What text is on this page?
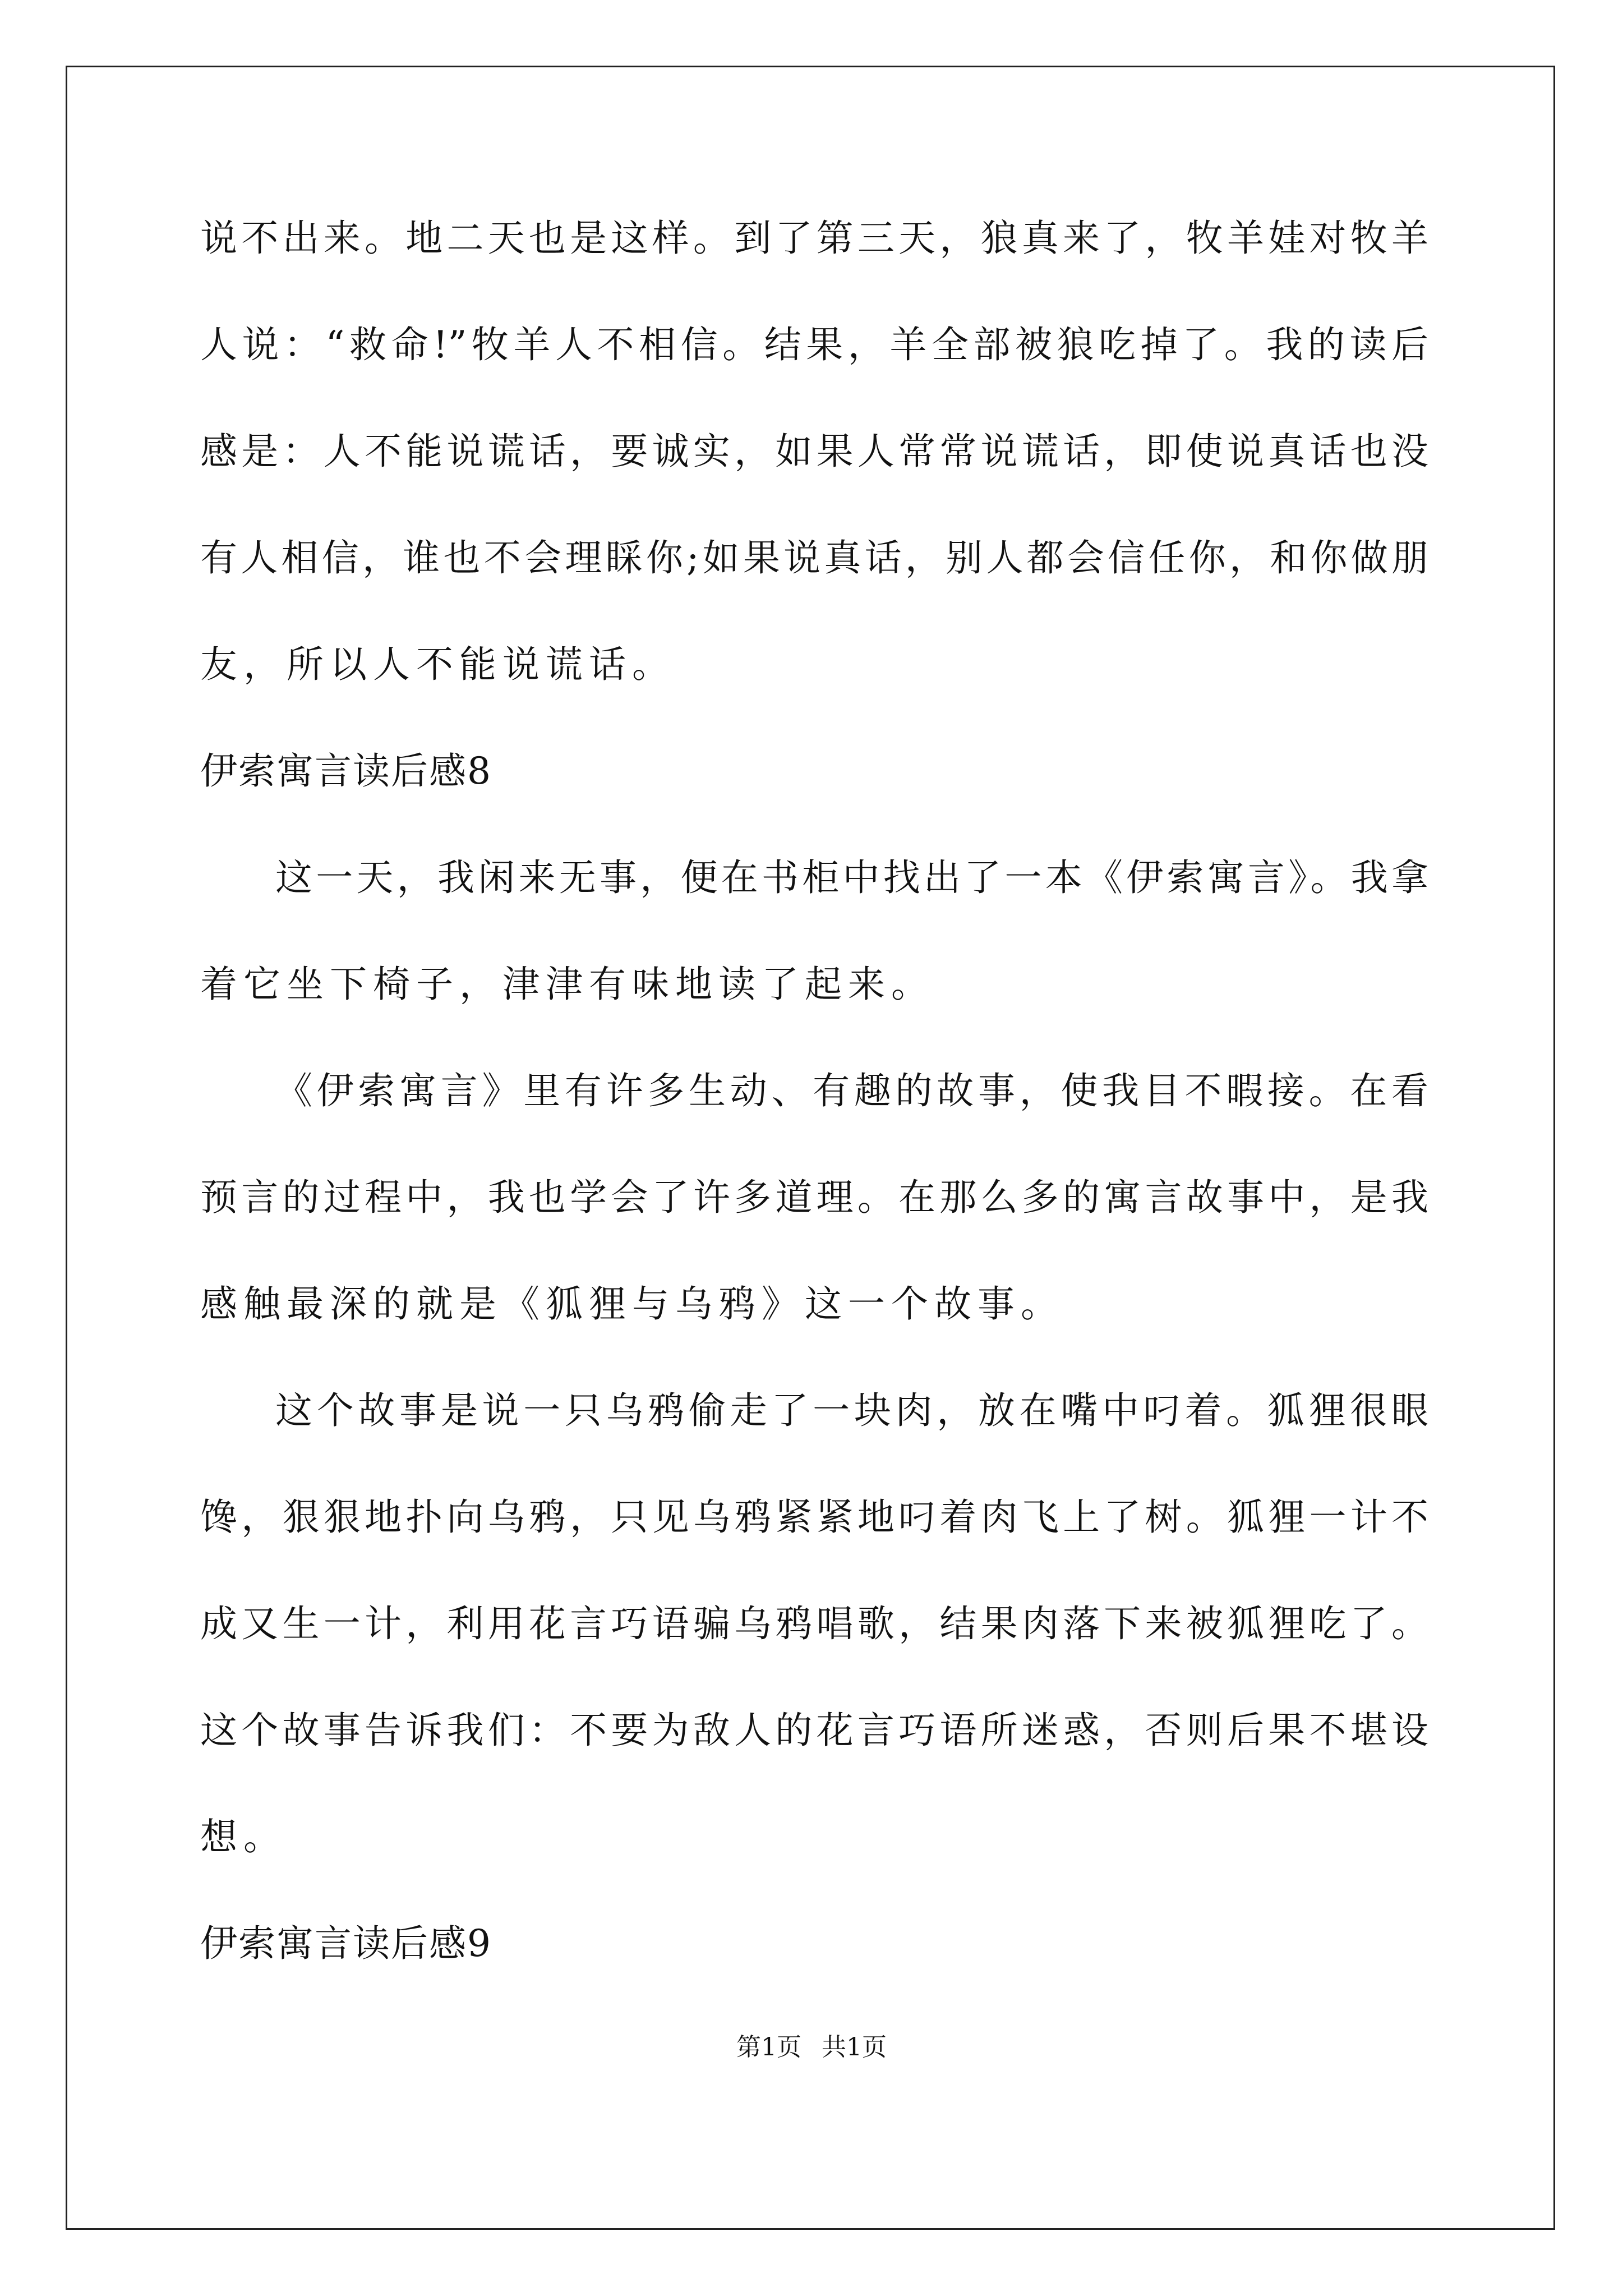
说不出来。地二天也是这样。到了第三天，狼真来了，牧羊娃对牧羊
人说：“救命!”牧羊人不相信。结果，羊全部被狼吃掉了。我的读后
感是：人不能说谎话，要诚实，如果人常常说谎话，即使说真话也没
有人相信，谁也不会理睬你;如果说真话，别人都会信任你，和你做朋
友，所以人不能说谎话。
伊索寓言读后感8
这一天，我闲来无事，便在书柜中找出了一本《伊索寓言》。我拿
着它坐下椅子，津津有味地读了起来。
《伊索寓言》里有许多生动、有趣的故事，使我目不暇接。在看
预言的过程中，我也学会了许多道理。在那么多的寓言故事中，是我
感触最深的就是《狐狸与乌鸦》这一个故事。
这个故事是说一只乌鸦偷走了一块肉，放在嘴中叼着。狐狸很眼
馋，狠狠地扑向乌鸦，只见乌鸦紧紧地叼着肉飞上了树。狐狸一计不
成又生一计，利用花言巧语骗乌鸦唱歌，结果肉落下来被狐狸吃了。
这个故事告诉我们：不要为敌人的花言巧语所迷惑，否则后果不堪设
想。
伊索寓言读后感9
第1页 共1页
